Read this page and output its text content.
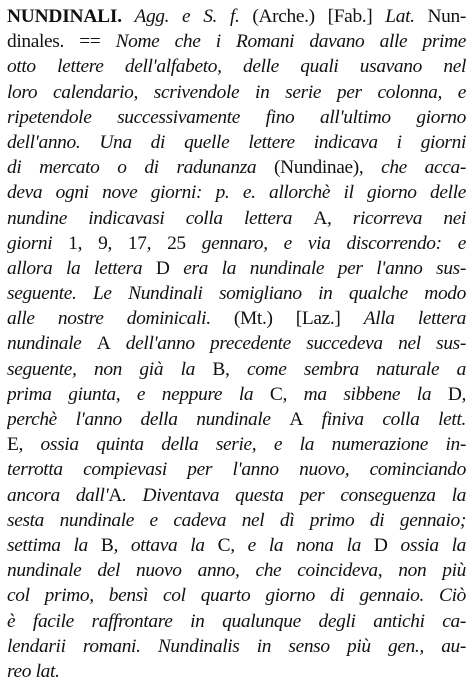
NUNDINALI. Agg. e S. f. (Arche.) [Fab.] Lat. Nun-
dinales. == Nome che i Romani davano alle prime
otto lettere dell'alfabeto, delle quali usavano nel
loro calendario, scrivendole in serie per colonna, e
ripetendole successivamente fino all'ultimo giorno
dell'anno. Una di quelle lettere indicava i giorni
di mercato o di radunanza (Nundinae), che acca-
deva ogni nove giorni: p. e. allorchè il giorno delle
nundine indicavasi colla lettera A, ricorreva nei
giorni 1, 9, 17, 25 gennaro, e via discorrendo: e
allora la lettera D era la nundinale per l'anno sus-
seguente. Le Nundinali somigliano in qualche modo
alle nostre dominicali. (Mt.) [Laz.] Alla lettera
nundinale A dell'anno precedente succedeva nel sus-
seguente, non già la B, come sembra naturale a
prima giunta, e neppure la C, ma sibbene la D,
perchè l'anno della nundinale A finiva colla lett.
E, ossia quinta della serie, e la numerazione in-
terrotta compievasi per l'anno nuovo, cominciando
ancora dall'A. Diventava questa per conseguenza la
sesta nundinale e cadeva nel dì primo di gennaio;
settima la B, ottava la C, e la nona la D ossia la
nundinale del nuovo anno, che coincideva, non più
col primo, bensì col quarto giorno di gennaio. Ciò
è facile raffrontare in qualunque degli antichi ca-
lendarii romani. Nundinalis in senso più gen., au-
reo lat.
